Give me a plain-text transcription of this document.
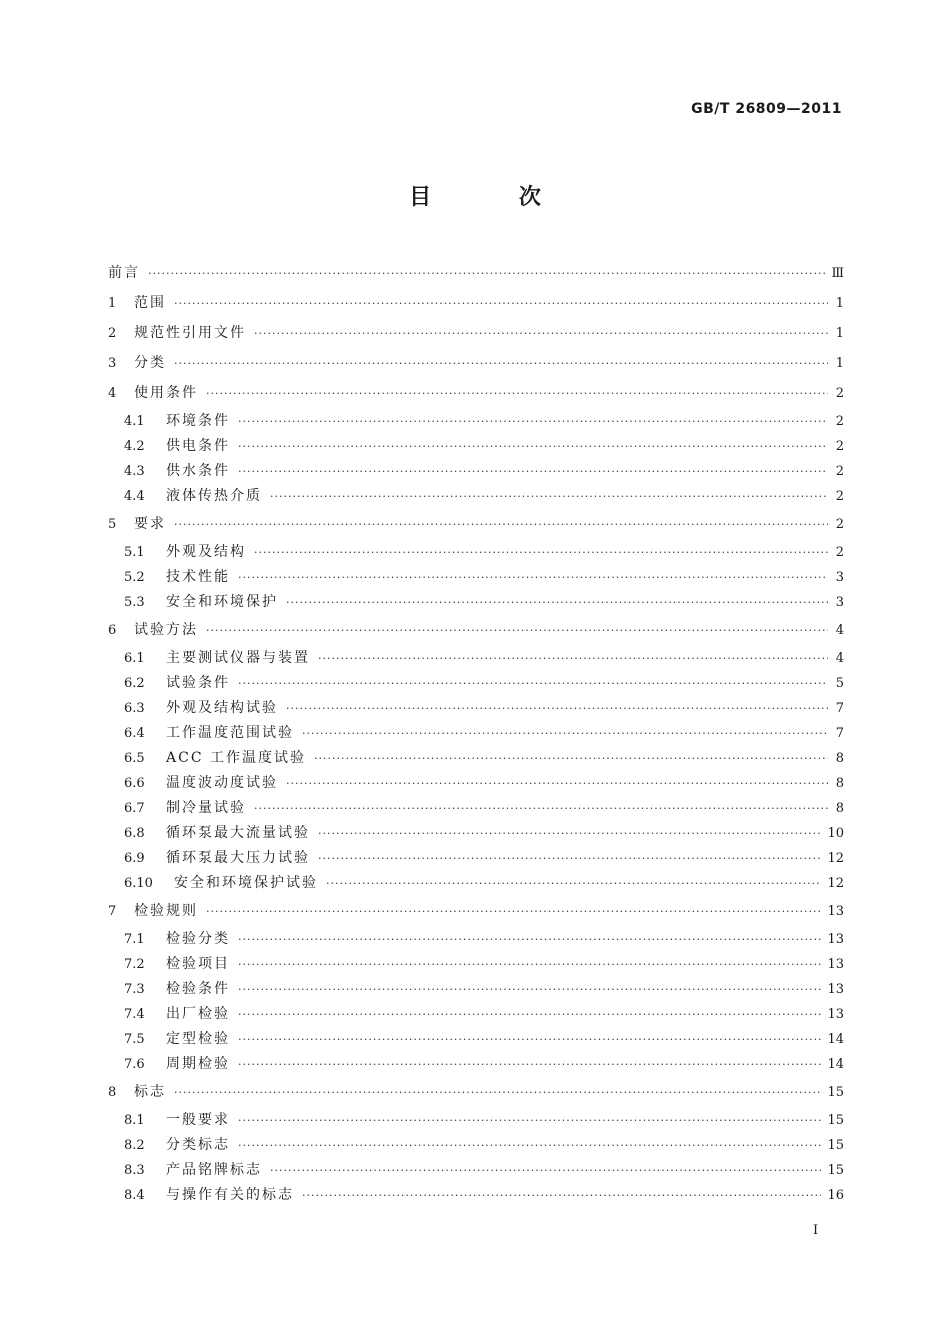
GB/T 26809—2011
目 次
前言 ·····	Ⅲ
1	范围 ·····	1
2	规范性引用文件 ·····	1
3	分类 ·····	1
4	使用条件 ·····	2
4.1	环境条件 ·····	2
4.2	供电条件 ·····	2
4.3	供水条件 ·····	2
4.4	液体传热介质 ·····	2
5	要求 ·····	2
5.1	外观及结构 ·····	2
5.2	技术性能 ·····	3
5.3	安全和环境保护 ·····	3
6	试验方法 ·····	4
6.1	主要测试仪器与装置 ·····	4
6.2	试验条件 ·····	5
6.3	外观及结构试验 ·····	7
6.4	工作温度范围试验 ·····	7
6.5	ACC 工作温度试验 ·····	8
6.6	温度波动度试验 ·····	8
6.7	制冷量试验 ·····	8
6.8	循环泵最大流量试验 ·····	10
6.9	循环泵最大压力试验 ·····	12
6.10	安全和环境保护试验 ·····	12
7	检验规则 ·····	13
7.1	检验分类 ·····	13
7.2	检验项目 ·····	13
7.3	检验条件 ·····	13
7.4	出厂检验 ·····	13
7.5	定型检验 ·····	14
7.6	周期检验 ·····	14
8	标志 ·····	15
8.1	一般要求 ·····	15
8.2	分类标志 ·····	15
8.3	产品铭牌标志 ·····	15
8.4	与操作有关的标志 ·····	16
I
